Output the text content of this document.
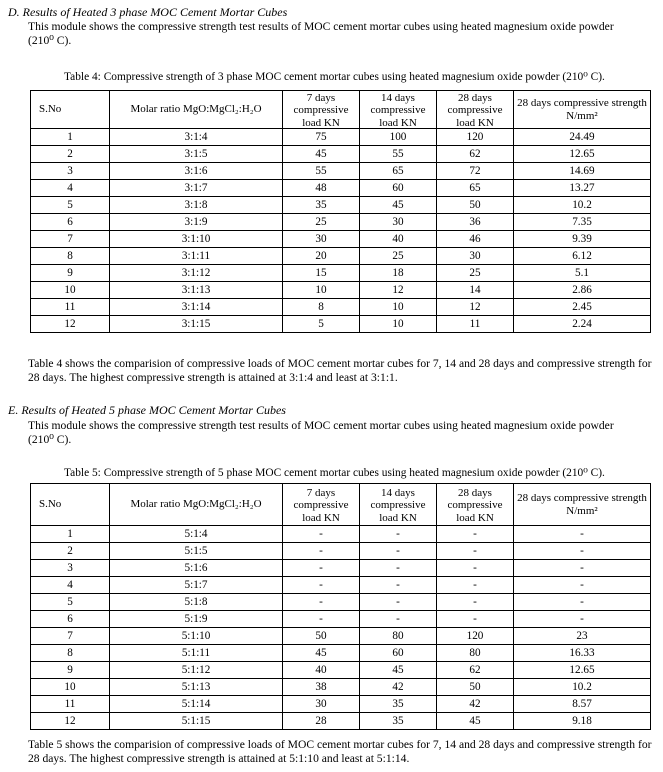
D. Results of Heated 3 phase MOC Cement Mortar Cubes
This module shows the compressive strength test results of MOC cement mortar cubes using heated magnesium oxide powder
(210⁰ C).
Table 4: Compressive strength of 3 phase MOC cement mortar cubes using heated magnesium oxide powder (210⁰ C).
S.No	Molar ratio MgO:MgCl₂:H₂O	7 days compressive load KN	14 days compressive load KN	28 days compressive load KN	28 days compressive strength N/mm²
1	3:1:4	75	100	120	24.49
2	3:1:5	45	55	62	12.65
3	3:1:6	55	65	72	14.69
4	3:1:7	48	60	65	13.27
5	3:1:8	35	45	50	10.2
6	3:1:9	25	30	36	7.35
7	3:1:10	30	40	46	9.39
8	3:1:11	20	25	30	6.12
9	3:1:12	15	18	25	5.1
10	3:1:13	10	12	14	2.86
11	3:1:14	8	10	12	2.45
12	3:1:15	5	10	11	2.24
Table 4 shows the comparision of compressive loads of MOC cement mortar cubes for 7, 14 and 28 days and compressive strength for
28 days. The highest compressive strength is attained at 3:1:4 and least at 3:1:1.
E. Results of Heated 5 phase MOC Cement Mortar Cubes
This module shows the compressive strength test results of MOC cement mortar cubes using heated magnesium oxide powder
(210⁰ C).
Table 5: Compressive strength of 5 phase MOC cement mortar cubes using heated magnesium oxide powder (210⁰ C).
S.No	Molar ratio MgO:MgCl₂:H₂O	7 days compressive load KN	14 days compressive load KN	28 days compressive load KN	28 days compressive strength N/mm²
1	5:1:4	-	-	-	-
2	5:1:5	-	-	-	-
3	5:1:6	-	-	-	-
4	5:1:7	-	-	-	-
5	5:1:8	-	-	-	-
6	5:1:9	-	-	-	-
7	5:1:10	50	80	120	23
8	5:1:11	45	60	80	16.33
9	5:1:12	40	45	62	12.65
10	5:1:13	38	42	50	10.2
11	5:1:14	30	35	42	8.57
12	5:1:15	28	35	45	9.18
Table 5 shows the comparision of compressive loads of MOC cement mortar cubes for 7, 14 and 28 days and compressive strength for
28 days. The highest compressive strength is attained at 5:1:10 and least at 5:1:14.
